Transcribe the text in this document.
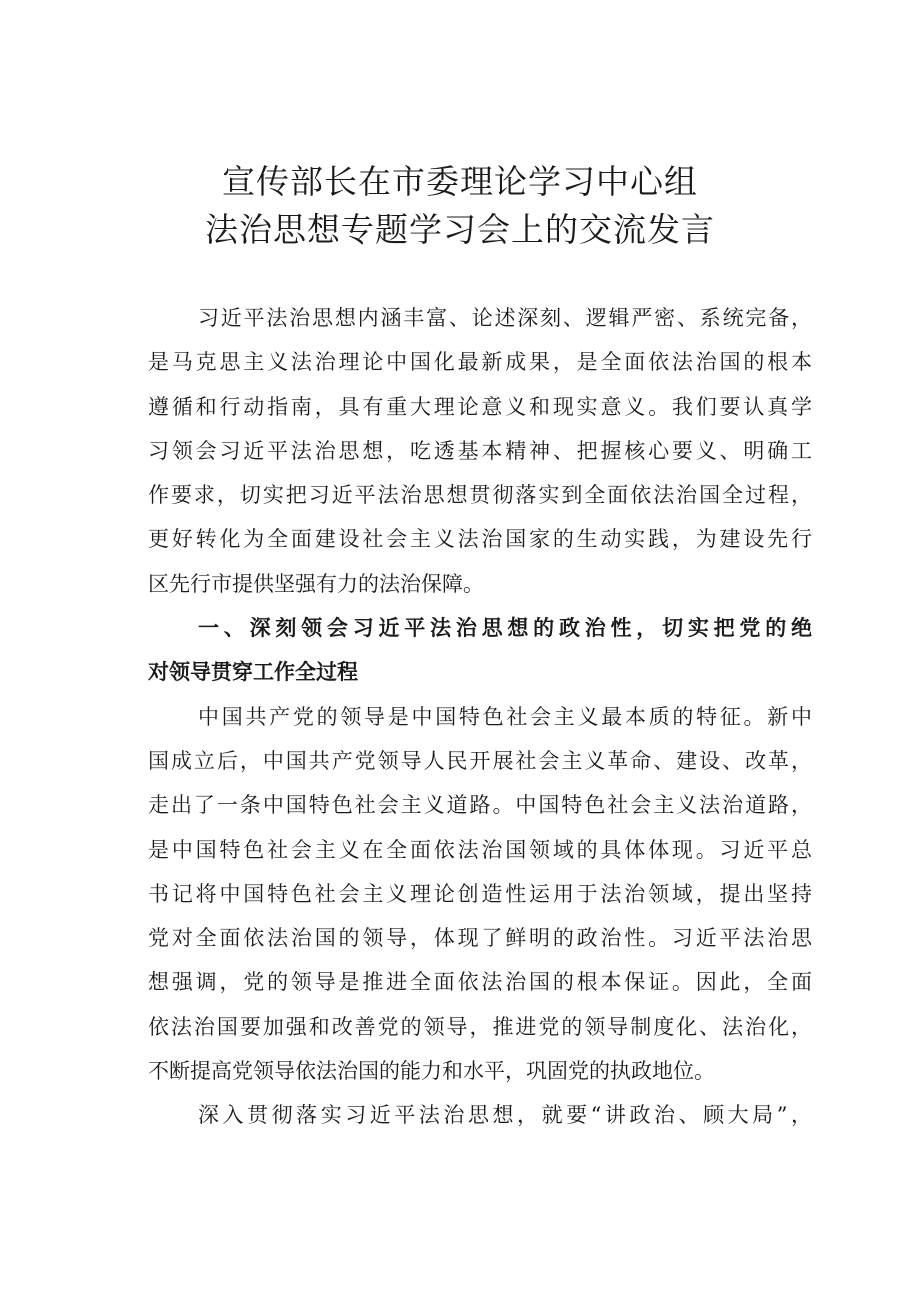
宣传部长在市委理论学习中心组
法治思想专题学习会上的交流发言
习近平法治思想内涵丰富、论述深刻、逻辑严密、系统完备，
是马克思主义法治理论中国化最新成果，是全面依法治国的根本
遵循和行动指南，具有重大理论意义和现实意义。我们要认真学
习领会习近平法治思想，吃透基本精神、把握核心要义、明确工
作要求，切实把习近平法治思想贯彻落实到全面依法治国全过程，
更好转化为全面建设社会主义法治国家的生动实践，为建设先行
区先行市提供坚强有力的法治保障。
一、深刻领会习近平法治思想的政治性，切实把党的绝
对领导贯穿工作全过程
中国共产党的领导是中国特色社会主义最本质的特征。新中
国成立后，中国共产党领导人民开展社会主义革命、建设、改革，
走出了一条中国特色社会主义道路。中国特色社会主义法治道路，
是中国特色社会主义在全面依法治国领域的具体体现。习近平总
书记将中国特色社会主义理论创造性运用于法治领域，提出坚持
党对全面依法治国的领导，体现了鲜明的政治性。习近平法治思
想强调，党的领导是推进全面依法治国的根本保证。因此，全面
依法治国要加强和改善党的领导，推进党的领导制度化、法治化，
不断提高党领导依法治国的能力和水平，巩固党的执政地位。
深入贯彻落实习近平法治思想，就要“讲政治、顾大局”，
